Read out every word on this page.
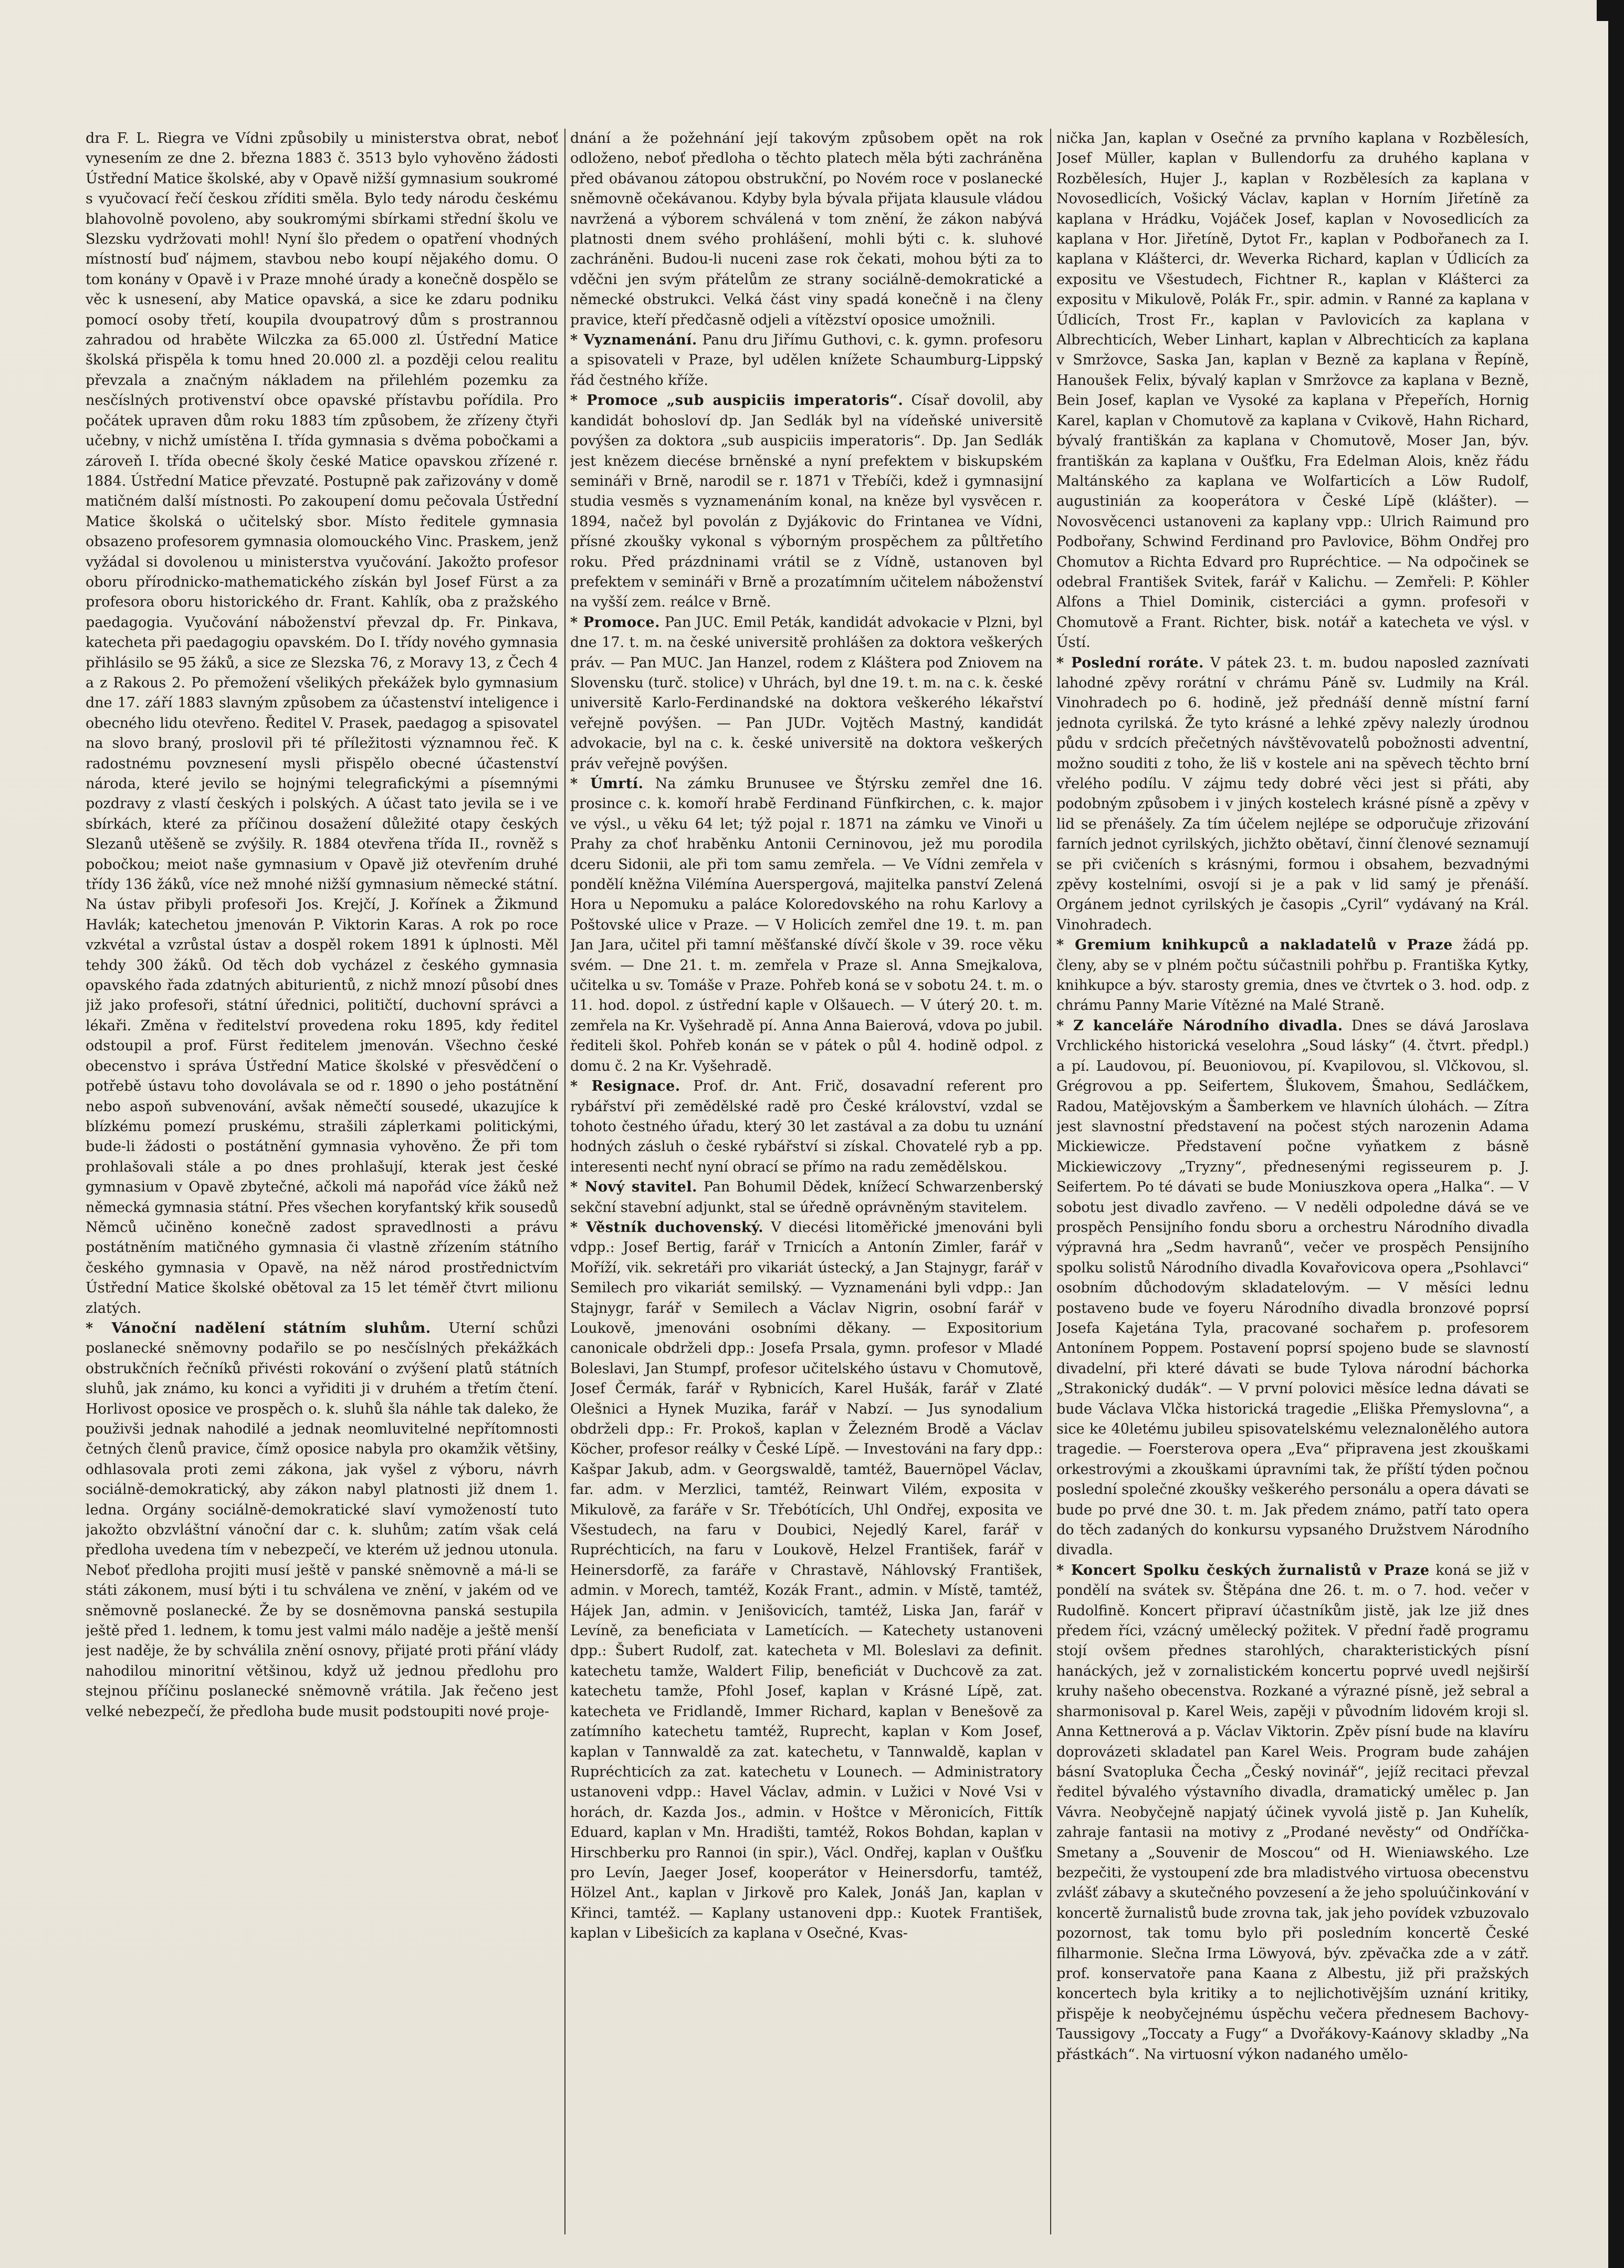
dra F. L. Riegra ve Vídni způsobily u ministerstva obrat, neboť vynesením ze dne 2. března 1883 č. 3513 bylo vyhověno žádosti Ústřední Matice školské, aby v Opavě nižší gymnasium soukromé s vyučovací řečí českou zříditi směla. Bylo tedy národu českému blahovolně povoleno, aby soukromými sbírkami střední školu ve Slezsku vydržovati mohl! Nyní šlo předem o opatření vhodných místností buď nájmem, stavbou nebo koupí nějakého domu. O tom konány v Opavě i v Praze mnohé úrady a konečně dospělo se věc k usnesení, aby Matice opavská, a sice ke zdaru podniku pomocí osoby třetí, koupila dvoupatrový dům s prostrannou zahradou od hraběte Wilczka za 65.000 zl. Ústřední Matice školská přispěla k tomu hned 20.000 zl. a později celou realitu převzala a značným nákladem na přilehlém pozemku za nesčíslných protivenství obce opavské přístavbu pořídila. Pro počátek upraven dům roku 1883 tím způsobem, že zřízeny čtyři učebny, v nichž umístěna I. třída gymnasia s dvěma pobočkami a zároveň I. třída obecné školy české Matice opavskou zřízené r. 1884. Ústřední Matice převzaté. Postupně pak zařizovány v domě matičném další místnosti. Po zakoupení domu pečovala Ústřední Matice školská o učitelský sbor. Místo ředitele gymnasia obsazeno profesorem gymnasia olomouckého Vinc. Praskem, jenž vyžádal si dovolenou u ministerstva vyučování. Jakožto profesor oboru přírodnicko-mathematického získán byl Josef Fürst a za profesora oboru historického dr. Frant. Kahlík, oba z pražského paedagogia. Vyučování náboženství převzal dp. Fr. Pinkava, katecheta při paedagogiu opavském. Do I. třídy nového gymnasia přihlásilo se 95 žáků, a sice ze Slezska 76, z Moravy 13, z Čech 4 a z Rakous 2. Po přemožení všelikých překážek bylo gymnasium dne 17. září 1883 slavným způsobem za účastenství inteligence i obecného lidu otevřeno. Ředitel V. Prasek, paedagog a spisovatel na slovo braný, proslovil při té příležitosti významnou řeč. K radostnému povznesení mysli přispělo obecné účastenství národa, které jevilo se hojnými telegrafickými a písemnými pozdravy z vlastí českých i polských. A účast tato jevila se i ve sbírkách, které za příčinou dosažení důležité otapy českých Slezanů utěšeně se zvýšily. R. 1884 otevřena třída II., rovněž s pobočkou; meiot naše gymnasium v Opavě již otevřením druhé třídy 136 žáků, více než mnohé nižší gymnasium německé státní. Na ústav přibyli profesoři Jos. Krejčí, J. Kořínek a Žikmund Havlák; katechetou jmenován P. Viktorin Karas. A rok po roce vzkvétal a vzrůstal ústav a dospěl rokem 1891 k úplnosti. Měl tehdy 300 žáků. Od těch dob vycházel z českého gymnasia opavského řada zdatných abiturientů, z nichž mnozí působí dnes již jako profesoři, státní úřednici, političtí, duchovní správci a lékaři. Změna v ředitelství provedena roku 1895, kdy ředitel odstoupil a prof. Fürst ředitelem jmenován. Všechno české obecenstvo i správa Ústřední Matice školské v přesvědčení o potřebě ústavu toho dovolávala se od r. 1890 o jeho postátnění nebo aspoň subvenování, avšak němečtí sousedé, ukazujíce k blízkému pomezí pruskému, strašili záplетkami politickými, bude-li žádosti o postátnění gymnasia vyhověno. Že při tom prohlašovali stále a po dnes prohlašují, kterak jest české gymnasium v Opavě zbytečné, ačkoli má napořád více žáků než německá gymnasia státní. Přes všechen koryfantský křik sousedů Němců učiněno konečně zadost spravedlnosti a právu postátněním matičného gymnasia či vlastně zřízením státního českého gymnasia v Opavě, na něž národ prostřednictvím Ústřední Matice školské obětoval za 15 let téměř čtvrt milionu zlatých.

* Vánoční nadělení státním sluhům. Uterní schůzi poslanecké sněmovny podařilo se po nesčíslných překážkách obstrukčních řečníků přivésti rokování o zvýšení platů státních sluhů, jak známo, ku konci a vyřiditi ji v druhém a třetím čtení. Horlivost oposice ve prospěch o. k. sluhů šla náhle tak daleko, že použivši jednak nahodilé a jednak neomluvitelné nepřítomnosti četných členů pravice, čímž oposice nabyla pro okamžik většiny, odhlasovala proti zemi zákona, jak vyšel z výboru, návrh sociálně-demokratický, aby zákon nabyl platnosti již dnem 1. ledna. Orgány sociálně-demokratické slaví vymožeností tuto jakožto obzvláštní vánoční dar c. k. sluhům; zatím však celá předloha uvedena tím v nebezpečí, ve kterém už jednou utonula. Neboť předloha projiti musí ještě v panské sněmovně a má-li se státi zákonem, musí býti i tu schválena ve znění, v jakém od ve sněmovně poslanecké. Že by se dosněmovna panská sestupila ještě před 1. lednem, k tomu jest valmi málo naděje a ještě menší jest naděje, že by schválila znění osnovy, přijaté proti přání vlády nahodilou minoritní většinou, když už jednou předlohu pro stejnou příčinu poslanecké sněmovně vrátila. Jak řečeno jest velké nebezpečí, že předloha bude musit podstoupiti nové proje-

dnání a že požehnání její takovým způsobem opět na rok odloženo, neboť předloha o těchto platech měla býti zachráněna před obávanou zátopou obstrukční, po Novém roce v poslanecké sněmovně očekávanou. Kdyby byla bývala přijata klausule vládou navržená a výborem schválená v tom znění, že zákon nabývá platnosti dnem svého prohlášení, mohli býti c. k. sluhové zachráněni. Budou-li nuceni zase rok čekati, mohou býti za to vděčni jen svým přátelům ze strany sociálně-demokratické a německé obstrukci. Velká část viny spadá konečně i na členy pravice, kteří předčasně odjeli a vítězství oposice umožnili.

* Vyznamenání. Panu dru Jiřímu Guthovi, c. k. gymn. profesoru a spisovateli v Praze, byl udělen knížete Schaumburg-Lippský řád čestného kříže.

* Promoce „sub auspiciis imperatoris“. Císař dovolil, aby kandidát bohosloví dp. Jan Sedlák byl na vídeňské universitě povýšen za doktora „sub auspiciis imperatoris“. Dp. Jan Sedlák jest knězem diecése brněnské a nyní prefektem v biskupském semináři v Brně, narodil se r. 1871 v Třebíči, kdež i gymnasijní studia vesměs s vyznamenáním konal, na kněze byl vysvěcen r. 1894, načež byl povolán z Dyjákovic do Frintanea ve Vídni, přísné zkoušky vykonal s výborným prospěchem za půltřetího roku. Před prázdninami vrátil se z Vídně, ustanoven byl prefektem v semináři v Brně a prozatímním učitelem náboženství na vyšší zem. reálce v Brně.

* Promoce. Pan JUC. Emil Peták, kandidát advokacie v Plzni, byl dne 17. t. m. na české universitě prohlášen za doktora veškerých práv. — Pan MUC. Jan Hanzel, rodem z Kláštera pod Zniovem na Slovensku (turč. stolice) v Uhrách, byl dne 19. t. m. na c. k. české universitě Karlo-Ferdinandské na doktora veškerého lékařství veřejně povýšen. — Pan JUDr. Vojtěch Mastný, kandidát advokacie, byl na c. k. české universitě na doktora veškerých práv veřejně povýšen.

* Úmrtí. Na zámku Brunusee ve Štýrsku zemřel dne 16. prosince c. k. komoří hrabě Ferdinand Fünfkirchen, c. k. major ve výsl., u věku 64 let; týž pojal r. 1871 na zámku ve Vinoři u Prahy za choť hraběnku Antonii Cerninovou, jež mu porodila dceru Sidonii, ale při tom samu zemřela. — Ve Vídni zemřela v pondělí kněžna Vilémína Auerspergová, majitelka panství Zelená Hora u Nepomuku a paláce Koloredovského na rohu Karlovy a Poštovské ulice v Praze. — V Holicích zemřel dne 19. t. m. pan Jan Jara, učitel při tamní měšťanské dívčí škole v 39. roce věku svém. — Dne 21. t. m. zemřela v Praze sl. Anna Smejkalova, učitelka u sv. Tomáše v Praze. Pohřeb koná se v sobotu 24. t. m. o 11. hod. dopol. z ústřední kaple v Olšauech. — V úterý 20. t. m. zemřela na Kr. Vyšehradě pí. Anna Anna Baierová, vdova po jubil. řediteli škol. Pohřeb konán se v pátek o půl 4. hodině odpol. z domu č. 2 na Kr. Vyšehradě.

* Resignace. Prof. dr. Ant. Frič, dosavadní referent pro rybářství při zemědělské radě pro České království, vzdal se tohoto čestného úřadu, který 30 let zastával a za dobu tu uznání hodných zásluh o české rybářství si získal. Chovatelé ryb a pp. interesenti nechť nyní obrací se přímo na radu zemědělskou.

* Nový stavitel. Pan Bohumil Dědek, knížecí Schwarzenberský sekční stavební adjunkt, stal se úředně oprávněným stavitelem.

* Věstník duchovenský. V diecési litoměřické jmenováni byli vdpp.: Josef Bertig, farář v Trnicích a Antonín Zimler, farář v Moříží, vik. sekretáři pro vikariát ústecký, a Jan Stajnygr, farář v Semilech pro vikariát semilský. — Vyznamenáni byli vdpp.: Jan Stajnygr, farář v Semilech a Václav Nigrin, osobní farář v Loukově, jmenováni osobními děkany. — Expositorium canonicale obdrželi dpp.: Josefa Prsala, gymn. profesor v Mladé Boleslavi, Jan Stumpf, profesor učitelského ústavu v Chomutově, Josef Čermák, farář v Rybnicích, Karel Hušák, farář v Zlaté Olešnici a Hynek Muzika, farář v Nabzí. — Jus synodalium obdrželi dpp.: Fr. Prokoš, kaplan v Železném Brodě a Václav Köcher, profesor reálky v České Lípě. — Investováni na fary dpp.: Kašpar Jakub, adm. v Georgswaldě, tamtéž, Bauernöpel Václav, far. adm. v Merzlici, tamtéž, Reinwart Vilém, exposita v Mikulově, za faráře v Sr. Třebótících, Uhl Ondřej, exposita ve Všestudech, na faru v Doubici, Nejedlý Karel, farář v Rupréchticích, na faru v Loukově, Helzel František, farář v Heinersdorfě, za faráře v Chrastavě, Náhlovský František, admin. v Morech, tamtéž, Kozák Frant., admin. v Místě, tamtéž, Hájek Jan, admin. v Jenišovicích, tamtéž, Liska Jan, farář v Levíně, za beneficiata v Lametících. — Katechety ustanoveni dpp.: Šubert Rudolf, zat. katecheta v Ml. Boleslavi za definit. katechetu tamže, Waldert Filip, beneficiát v Duchcově za zat. katechetu tamže, Pfohl Josef, kaplan v Krásné Lípě, zat. katecheta ve Fridlandě, Immer Richard, kaplan v Benešově za zatímního katechetu tamtéž, Ruprecht, kaplan v Kom Josef, kaplan v Tannwaldě za zat. katechetu, v Tannwaldě, kaplan v Rupréchticích za zat. katechetu v Lounech. — Administratory ustanoveni vdpp.: Havel Václav, admin. v Lužici v Nové Vsi v horách, dr. Kazda Jos., admin. v Hoštce v Měronicích, Fittík Eduard, kaplan v Mn. Hradišti, tamtéž, Rokos Bohdan, kaplan v Hirschberku pro Rannoi (in spir.), Václ. Ondřej, kaplan v Oušťku pro Levín, Jaeger Josef, kooperátor v Heinersdorfu, tamtéž, Hölzel Ant., kaplan v Jirkově pro Kalek, Jonáš Jan, kaplan v Křinci, tamtéž. — Kaplany ustanoveni dpp.: Kuotek František, kaplan v Libešicích za kaplana v Osečné, Kvas-

nička Jan, kaplan v Osečné za prvního kaplana v Rozbělesích, Josef Müller, kaplan v Bullendorfu za druhého kaplana v Rozbělesích, Hujer J., kaplan v Rozbělesích za kaplana v Novosedlicích, Vošický Václav, kaplan v Horním Jiřetíně za kaplana v Hrádku, Vojáček Josef, kaplan v Novosedlicích za kaplana v Hor. Jiřetíně, Dytot Fr., kaplan v Podbořanech za I. kaplana v Klášterci, dr. Weverka Richard, kaplan v Údlicích za expositu ve Všestudech, Fichtner R., kaplan v Klášterci za expositu v Mikulově, Polák Fr., spir. admin. v Ranné za kaplana v Údlicích, Trost Fr., kaplan v Pavlovicích za kaplana v Albrechticích, Weber Linhart, kaplan v Albrechticích za kaplana v Smržovce, Saska Jan, kaplan v Bezně za kaplana v Řepíně, Hanoušek Felix, bývalý kaplan v Smržovce za kaplana v Bezně, Bein Josef, kaplan ve Vysoké za kaplana v Přepeřích, Hornig Karel, kaplan v Chomutově za kaplana v Cvikově, Hahn Richard, bývalý františkán za kaplana v Chomutově, Moser Jan, býv. františkán za kaplana v Oušťku, Fra Edelman Alois, kněz řádu Maltánského za kaplana ve Wolfarticích a Löw Rudolf, augustinián za kooperátora v České Lípě (klášter). — Novosvěcenci ustanoveni za kaplany vpp.: Ulrich Raimund pro Podbořany, Schwind Ferdinand pro Pavlovice, Böhm Ondřej pro Chomutov a Richta Edvard pro Rupréchtice. — Na odpočinek se odebral František Svitek, farář v Kalichu. — Zemřeli: P. Köhler Alfons a Thiel Dominik, cisterciáci a gymn. profesoři v Chomutově a Frant. Richter, bisk. notář a katecheta ve výsl. v Ústí.

* Poslední roráte. V pátek 23. t. m. budou naposled zaznívati lahodné zpěvy rorátní v chrámu Páně sv. Ludmily na Král. Vinohradech po 6. hodině, jež přednáší denně místní farní jednota cyrilská. Že tyto krásné a lehké zpěvy nalezly úrodnou půdu v srdcích přečetných návštěvovatelů pobožnosti adventní, možno souditi z toho, že liš v kostele ani na spěvech těchto brní vřelého podílu. V zájmu tedy dobré věci jest si přáti, aby podobným způsobem i v jiných kostelech krásné písně a zpěvy v lid se přenášely. Za tím účelem nejlépe se odporučuje zřizování farních jednot cyrilských, jichžto obětaví, činní členové seznamují se při cvičeních s krásnými, formou i obsahem, bezvadnými zpěvy kostelními, osvojí si je a pak v lid samý je přenáší. Orgánem jednot cyrilských je časopis „Cyril“ vydávaný na Král. Vinohradech.

* Gremium knihkupců a nakladatelů v Praze žádá pp. členy, aby se v plném počtu súčastnili pohřbu p. Františka Kytky, knihkupce a býv. starosty gremia, dnes ve čtvrtek o 3. hod. odp. z chrámu Panny Marie Vítězné na Malé Straně.

* Z kanceláře Národního divadla. Dnes se dává Jaroslava Vrchlického historická veselohra „Soud lásky“ (4. čtvrt. předpl.) a pí. Laudovou, pí. Beuoniovou, pí. Kvapilovou, sl. Vlčkovou, sl. Grégrovou a pp. Seifertem, Šlukovem, Šmahou, Sedláčkem, Radou, Matějovským a Šamberkem ve hlavních úlohách. — Zítra jest slavnostní představení na počest stých narozenin Adama Mickiewicze. Představení počne vyňatkem z básně Mickiewiczovy „Tryzny“, přednesenými regisseurem p. J. Seifertem. Po té dávati se bude Moniuszkova opera „Halka“. — V sobotu jest divadlo zavřeno. — V neděli odpoledne dává se ve prospěch Pensijního fondu sboru a orchestru Národního divadla výpravná hra „Sedm havranů“, večer ve prospěch Pensijního spolku solistů Národního divadla Kovařovicova opera „Psohlavci“ osobním důchodovým skladatelovým. — V měsíci lednu postaveno bude ve foyeru Národního divadla bronzové poprsí Josefa Kajetána Tyla, pracované sochařem p. profesorem Antonínem Poppem. Postavení poprsí spojeno bude se slavností divadelní, při které dávati se bude Tylova národní báchorka „Strakonický dudák“. — V první polovici měsíce ledna dávati se bude Václava Vlčka historická tragedie „Eliška Přemyslovna“, a sice ke 40letému jubileu spisovatelskému veleznalonělého autora tragedie. — Foersterova opera „Eva“ připravena jest zkouškami orkestrovými a zkouškami úpravními tak, že příští týden počnou poslední společné zkoušky veškerého personálu a opera dávati se bude po prvé dne 30. t. m. Jak předem známo, patří tato opera do těch zadaných do konkursu vypsaného Družstvem Národního divadla.

* Koncert Spolku českých žurnalistů v Praze koná se již v pondělí na svátek sv. Štěpána dne 26. t. m. o 7. hod. večer v Rudolfině. Koncert připraví účastníkům jistě, jak lze již dnes předem říci, vzácný umělecký požitek. V přední řadě programu stojí ovšem přednes starohlých, charakteristických písní hanáckých, jež v zornalistickém koncertu poprvé uvedl nejširší kruhy našeho obecenstva. Rozkané a výrazné písně, jež sebral a sharmonisoval p. Karel Weis, zapěji v původním lidovém kroji sl. Anna Kettnerová a p. Václav Viktorin. Zpěv písní bude na klavíru doprovázeti skladatel pan Karel Weis. Program bude zahájen básní Svatopluka Čecha „Český novinář“, jejíž recitaci převzal ředitel bývalého výstavního divadla, dramatický umělec p. Jan Vávra. Neobyčejně napjatý účinek vyvolá jistě p. Jan Kuhelík, zahraje fantasii na motivy z „Prodané nevěsty“ od Ondříčka-Smetany a „Souvenir de Moscou“ od H. Wieniawského. Lze bezpečiti, že vystoupení zde bra mladistvého virtuosa obecenstvu zvlášť zábavy a skutečného povzesení a že jeho spoluúčinkování v koncertě žurnalistů bude zrovna tak, jak jeho povídek vzbuzovalo pozornost, tak tomu bylo při posledním koncertě České filharmonie. Slečna Irma Löwyová, býv. zpěvačka zde a v zátř. prof. konservatoře pana Kaana z Albestu, již při pražských koncertech byla kritiky a to nejlichotivějším uznání kritiky, přispěje k neobyčejnému úspěchu večera přednesem Bachovy-Taussigovy „Toccaty a Fugy“ a Dvořákovy-Kaánovy skladby „Na přástkách“. Na virtuosní výkon nadaného umělo-
